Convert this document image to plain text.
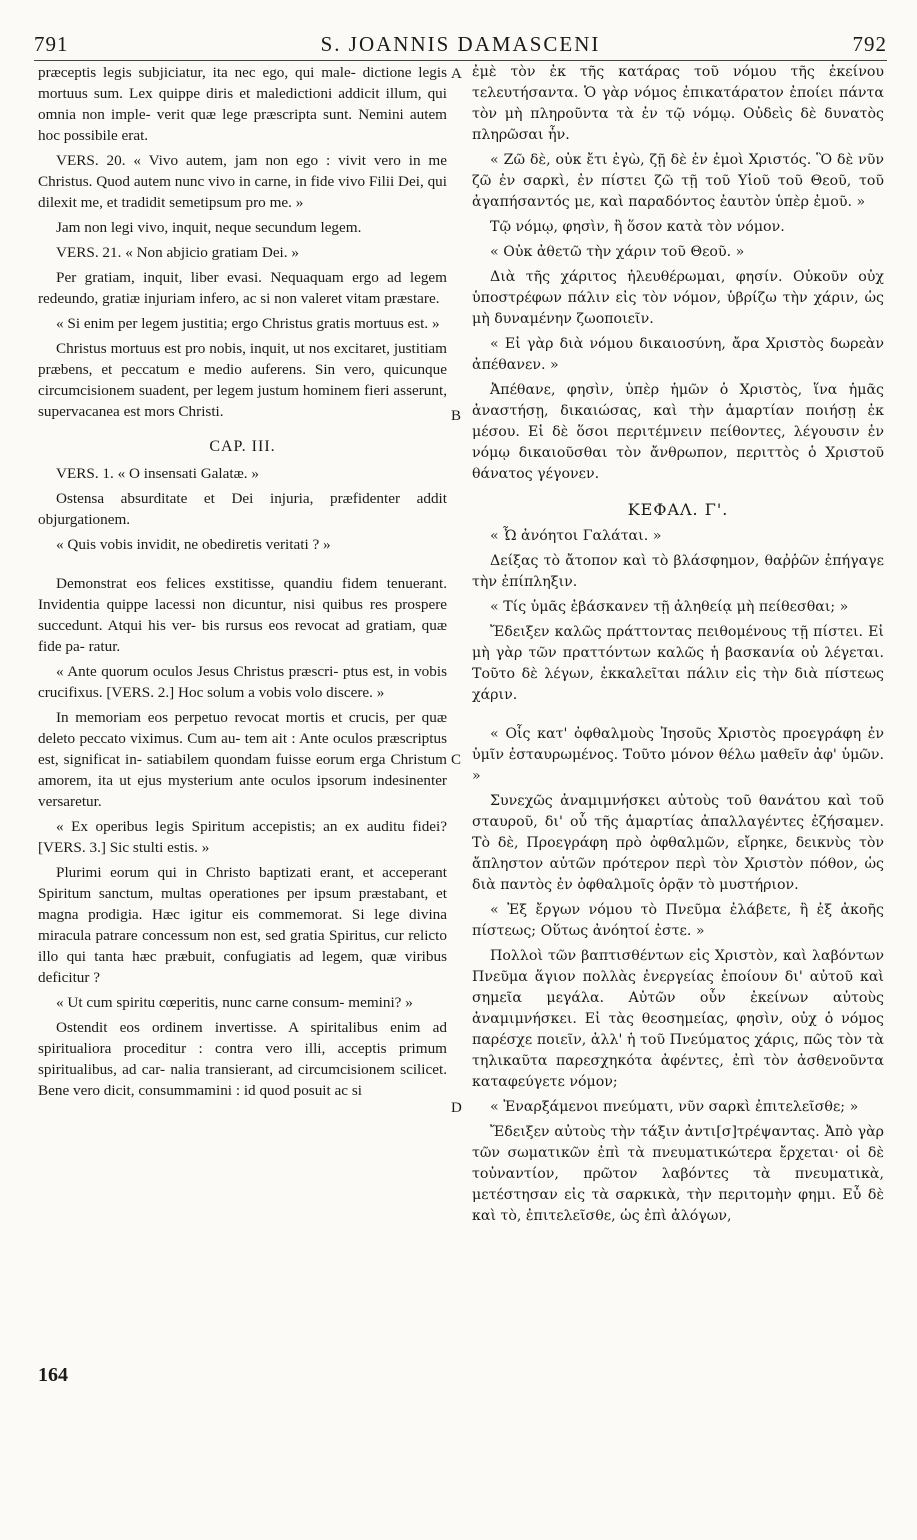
791	S. JOANNIS DAMASCENI	792

præceptis legis subjiciatur, ita nec ego, qui male- dictione legis mortuus sum. Lex quippe diris et maledictioni addicit illum, qui omnia non imple- verit quæ lege præscripta sunt. Nemini autem hoc possibile erat.

VERS. 20. « Vivo autem, jam non ego : vivit vero in me Christus. Quod autem nunc vivo in carne, in fide vivo Filii Dei, qui dilexit me, et tradidit semetipsum pro me. »

Jam non legi vivo, inquit, neque secundum legem.

VERS. 21. « Non abjicio gratiam Dei. »

Per gratiam, inquit, liber evasi. Nequaquam ergo ad legem redeundo, gratiæ injuriam infero, ac si non valeret vitam præstare.

« Si enim per legem justitia; ergo Christus gratis mortuus est. »

Christus mortuus est pro nobis, inquit, ut nos excitaret, justitiam præbens, et peccatum e medio auferens. Sin vero, quicunque circumcisionem suadent, per legem justum hominem fieri asserunt, supervacanea est mors Christi.

CAP. III.

VERS. 1. « O insensati Galatæ. »

Ostensa absurditate et Dei injuria, præfidenter addit objurgationem.

« Quis vobis invidit, ne obediretis veritati ? »

Demonstrat eos felices exstitisse, quandiu fidem tenuerant. Invidentia quippe lacessi non dicuntur, nisi quibus res prospere succedunt. Atqui his ver- bis rursus eos revocat ad gratiam, quæ fide pa- ratur.

« Ante quorum oculos Jesus Christus præscri- ptus est, in vobis crucifixus. [VERS. 2.] Hoc solum a vobis volo discere. »

In memoriam eos perpetuo revocat mortis et crucis, per quæ deleto peccato viximus. Cum au- tem ait : Ante oculos præscriptus est, significat in- satiabilem quondam fuisse eorum erga Christum amorem, ita ut ejus mysterium ante oculos ipsorum indesinenter versaretur.

« Ex operibus legis Spiritum accepistis; an ex auditu fidei? [VERS. 3.] Sic stulti estis. »

Plurimi eorum qui in Christo baptizati erant, et acceperant Spiritum sanctum, multas operationes per ipsum præstabant, et magna prodigia. Hæc igitur eis commemorat. Si lege divina miracula patrare concessum non est, sed gratia Spiritus, cur relicto illo qui tanta hæc præbuit, confugiatis ad legem, quæ viribus deficitur ?

« Ut cum spiritu cœperitis, nunc carne consum- memini? »

Ostendit eos ordinem invertisse. A spiritalibus enim ad spiritualiora proceditur : contra vero illi, acceptis primum spiritualibus, ad car- nalia transierant, ad circumcisionem scilicet. Bene vero dicit, consummamini : id quod posuit ac si

ἐμὲ τὸν ἐκ τῆς κατάρας τοῦ νόμου τῆς ἐκείνου τελευτήσαντα. Ὁ γὰρ νόμος ἐπικατάρατον ἐποίει πάντα τὸν μὴ πληροῦντα τὰ ἐν τῷ νόμῳ. Οὐδεὶς δὲ δυνατὸς πληρῶσαι ἦν.

« Ζῶ δὲ, οὐκ ἔτι ἐγὼ, ζῇ δὲ ἐν ἐμοὶ Χριστός. Ὃ δὲ νῦν ζῶ ἐν σαρκὶ, ἐν πίστει ζῶ τῇ τοῦ Υἱοῦ τοῦ Θεοῦ, τοῦ ἀγαπήσαντός με, καὶ παραδόντος ἑαυτὸν ὑπὲρ ἐμοῦ. »

Τῷ νόμῳ, φησὶν, ἢ ὅσον κατὰ τὸν νόμον.

« Οὐκ ἀθετῶ τὴν χάριν τοῦ Θεοῦ. »

Διὰ τῆς χάριτος ἠλευθέρωμαι, φησίν. Οὐκοῦν οὐχ ὑποστρέφων πάλιν εἰς τὸν νόμον, ὑβρίζω τὴν χάριν, ὡς μὴ δυναμένην ζωοποιεῖν.

« Εἰ γὰρ διὰ νόμου δικαιοσύνη, ἄρα Χριστὸς δωρεὰν ἀπέθανεν. »

Ἀπέθανε, φησὶν, ὑπὲρ ἡμῶν ὁ Χριστὸς, ἵνα ἡμᾶς ἀναστήσῃ, δικαιώσας, καὶ τὴν ἁμαρτίαν ποιήσῃ ἐκ μέσου. Εἰ δὲ ὅσοι περιτέμνειν πείθοντες, λέγουσιν ἐν νόμῳ δικαιοῦσθαι τὸν ἄνθρωπον, περιττὸς ὁ Χριστοῦ θάνατος γέγονεν.

ΚΕΦΑΛ. Γ'.

« Ὦ ἀνόητοι Γαλάται. »

Δείξας τὸ ἄτοπον καὶ τὸ βλάσφημον, θαῤῥῶν ἐπήγαγε τὴν ἐπίπληξιν.

« Τίς ὑμᾶς ἐβάσκανεν τῇ ἀληθείᾳ μὴ πείθεσθαι; »

Ἔδειξεν καλῶς πράττοντας πειθομένους τῇ πίστει. Εἰ μὴ γὰρ τῶν πραττόντων καλῶς ἡ βασκανία οὐ λέγεται. Τοῦτο δὲ λέγων, ἐκκαλεῖται πάλιν εἰς τὴν διὰ πίστεως χάριν.

« Οἷς κατ' ὀφθαλμοὺς Ἰησοῦς Χριστὸς προεγράφη ἐν ὑμῖν ἐσταυρωμένος. Τοῦτο μόνον θέλω μαθεῖν ἀφ' ὑμῶν. »

Συνεχῶς ἀναμιμνήσκει αὐτοὺς τοῦ θανάτου καὶ τοῦ σταυροῦ, δι' οὗ τῆς ἁμαρτίας ἀπαλλαγέντες ἐζήσαμεν. Τὸ δὲ, Προεγράφη πρὸ ὀφθαλμῶν, εἴρηκε, δεικνὺς τὸν ἄπληστον αὐτῶν πρότερον περὶ τὸν Χριστὸν πόθον, ὡς διὰ παντὸς ἐν ὀφθαλμοῖς ὁρᾷν τὸ μυστήριον.

« Ἐξ ἔργων νόμου τὸ Πνεῦμα ἐλάβετε, ἢ ἐξ ἀκοῆς πίστεως; Οὕτως ἀνόητοί ἐστε. »

Πολλοὶ τῶν βαπτισθέντων εἰς Χριστὸν, καὶ λαβόντων Πνεῦμα ἅγιον πολλὰς ἐνεργείας ἐποίουν δι' αὐτοῦ καὶ σημεῖα μεγάλα. Αὐτῶν οὖν ἐκείνων αὐτοὺς ἀναμιμνήσκει. Εἰ τὰς θεοσημείας, φησὶν, οὐχ ὁ νόμος παρέσχε ποιεῖν, ἀλλ' ἡ τοῦ Πνεύματος χάρις, πῶς τὸν τὰ τηλικαῦτα παρεσχηκότα ἀφέντες, ἐπὶ τὸν ἀσθενοῦντα καταφεύγετε νόμον;

« Ἐναρξάμενοι πνεύματι, νῦν σαρκὶ ἐπιτελεῖσθε; »

Ἔδειξεν αὐτοὺς τὴν τάξιν ἀντι[σ]τρέψαντας. Ἀπὸ γὰρ τῶν σωματικῶν ἐπὶ τὰ πνευματικώτερα ἔρχεται· οἱ δὲ τοὐναντίον, πρῶτον λαβόντες τὰ πνευματικὰ, μετέστησαν εἰς τὰ σαρκικὰ, τὴν περιτομὴν φημι. Εὖ δὲ καὶ τὸ, ἐπιτελεῖσθε, ὡς ἐπὶ ἀλόγων,

A
B
C
D
164
